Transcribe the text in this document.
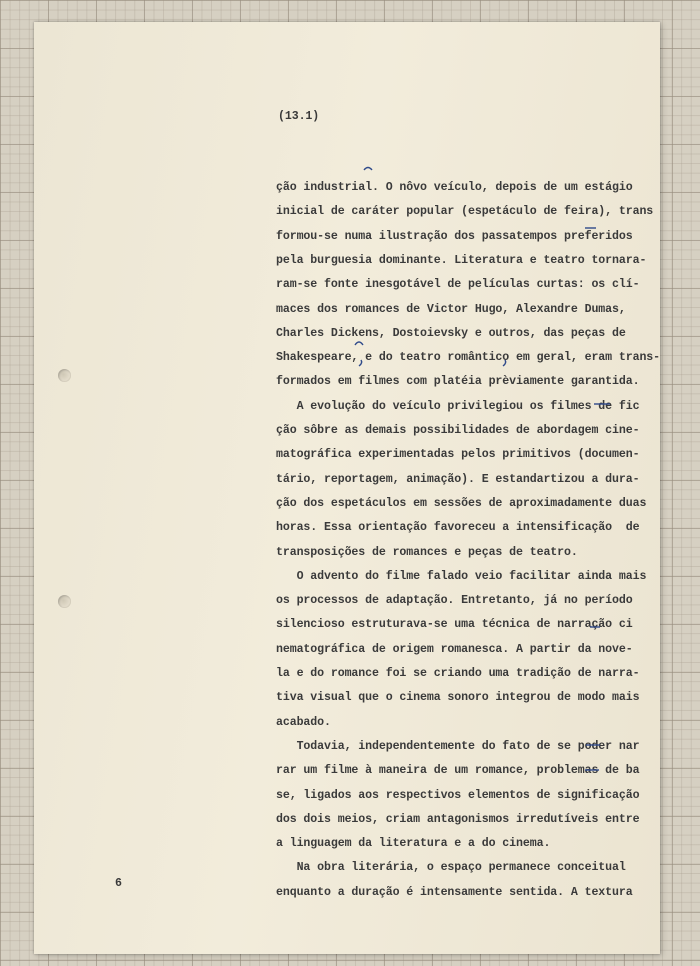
(13.1)
ção industrial. O nôvo veículo, depois de um estágio
inicial de caráter popular (espetáculo de feira), trans
formou-se numa ilustração dos passatempos preferidos
pela burguesia dominante. Literatura e teatro tornara-
ram-se fonte inesgotável de películas curtas: os clí-
maces dos romances de Victor Hugo, Alexandre Dumas,
Charles Dickens, Dostoievsky e outros, das peças de
Shakespeare, e do teatro romântico em geral, eram trans-
formados em filmes com platéia prèviamente garantida.
A evolução do veículo privilegiou os filmes de fic
ção sôbre as demais possibilidades de abordagem cine-
matográfica experimentadas pelos primitivos (documen-
tário, reportagem, animação). E estandartizou a dura-
ção dos espetáculos em sessões de aproximadamente duas
horas. Essa orientação favoreceu a intensificação  de
transposições de romances e peças de teatro.
O advento do filme falado veio facilitar ainda mais
os processos de adaptação. Entretanto, já no período
silencioso estruturava-se uma técnica de narração ci
nematográfica de origem romanesca. A partir da nove-
la e do romance foi se criando uma tradição de narra-
tiva visual que o cinema sonoro integrou de modo mais
acabado.
Todavia, independentemente do fato de se poder nar
rar um filme à maneira de um romance, problemas de ba
se, ligados aos respectivos elementos de significação
dos dois meios, criam antagonismos irredutíveis entre
a linguagem da literatura e a do cinema.
Na obra literária, o espaço permanece conceitual
enquanto a duração é intensamente sentida. A textura
6
